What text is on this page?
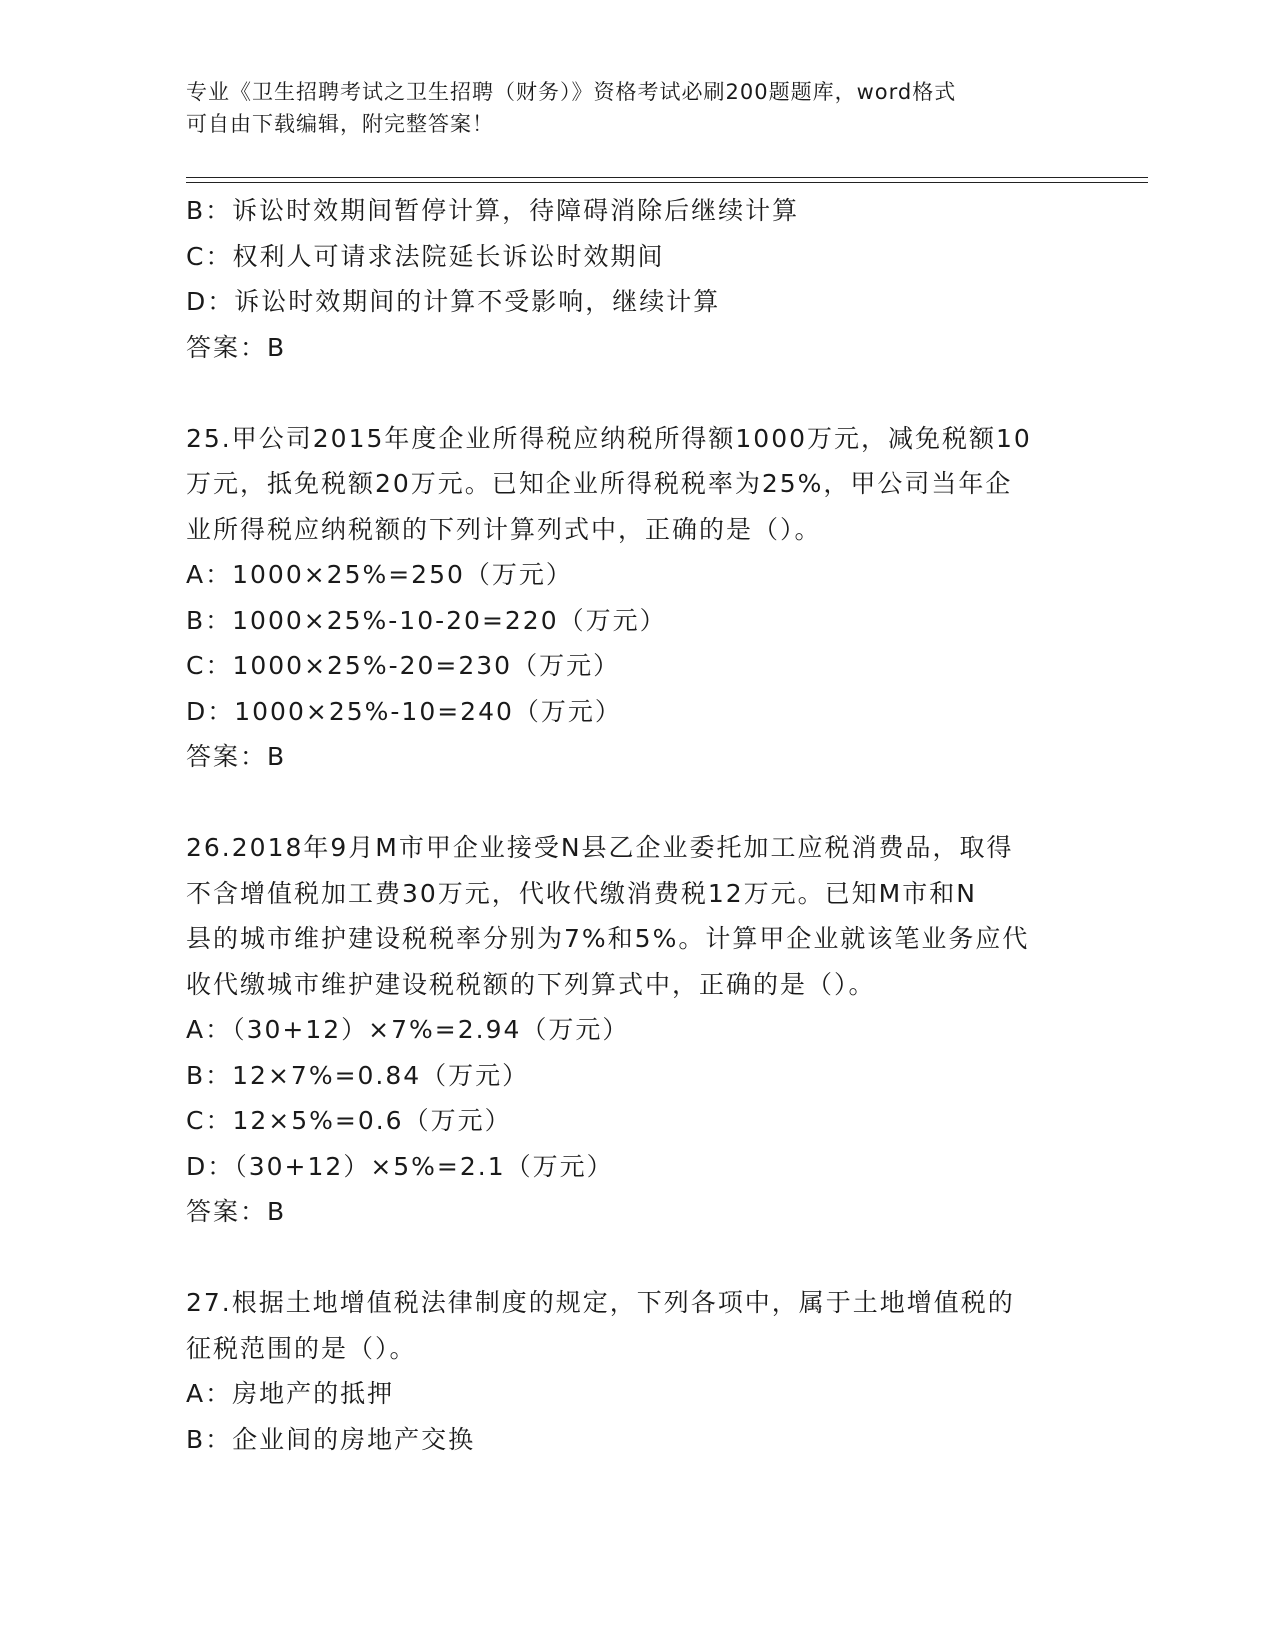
专业《卫生招聘考试之卫生招聘（财务）》资格考试必刷200题题库，word格式

可自由下载编辑，附完整答案！

B：诉讼时效期间暂停计算，待障碍消除后继续计算

C：权利人可请求法院延长诉讼时效期间

D：诉讼时效期间的计算不受影响，继续计算

答案：B

25.甲公司2015年度企业所得税应纳税所得额1000万元，减免税额10

万元，抵免税额20万元。已知企业所得税税率为25%，甲公司当年企

业所得税应纳税额的下列计算列式中，正确的是（）。

A：1000×25%=250（万元）

B：1000×25%-10-20=220（万元）

C：1000×25%-20=230（万元）

D：1000×25%-10=240（万元）

答案：B

26.2018年9月M市甲企业接受N县乙企业委托加工应税消费品，取得

不含增值税加工费30万元，代收代缴消费税12万元。已知M市和N

县的城市维护建设税税率分别为7%和5%。计算甲企业就该笔业务应代

收代缴城市维护建设税税额的下列算式中，正确的是（）。

A：（30+12）×7%=2.94（万元）

B：12×7%=0.84（万元）

C：12×5%=0.6（万元）

D：（30+12）×5%=2.1（万元）

答案：B

27.根据土地增值税法律制度的规定，下列各项中，属于土地增值税的

征税范围的是（）。

A：房地产的抵押

B：企业间的房地产交换
